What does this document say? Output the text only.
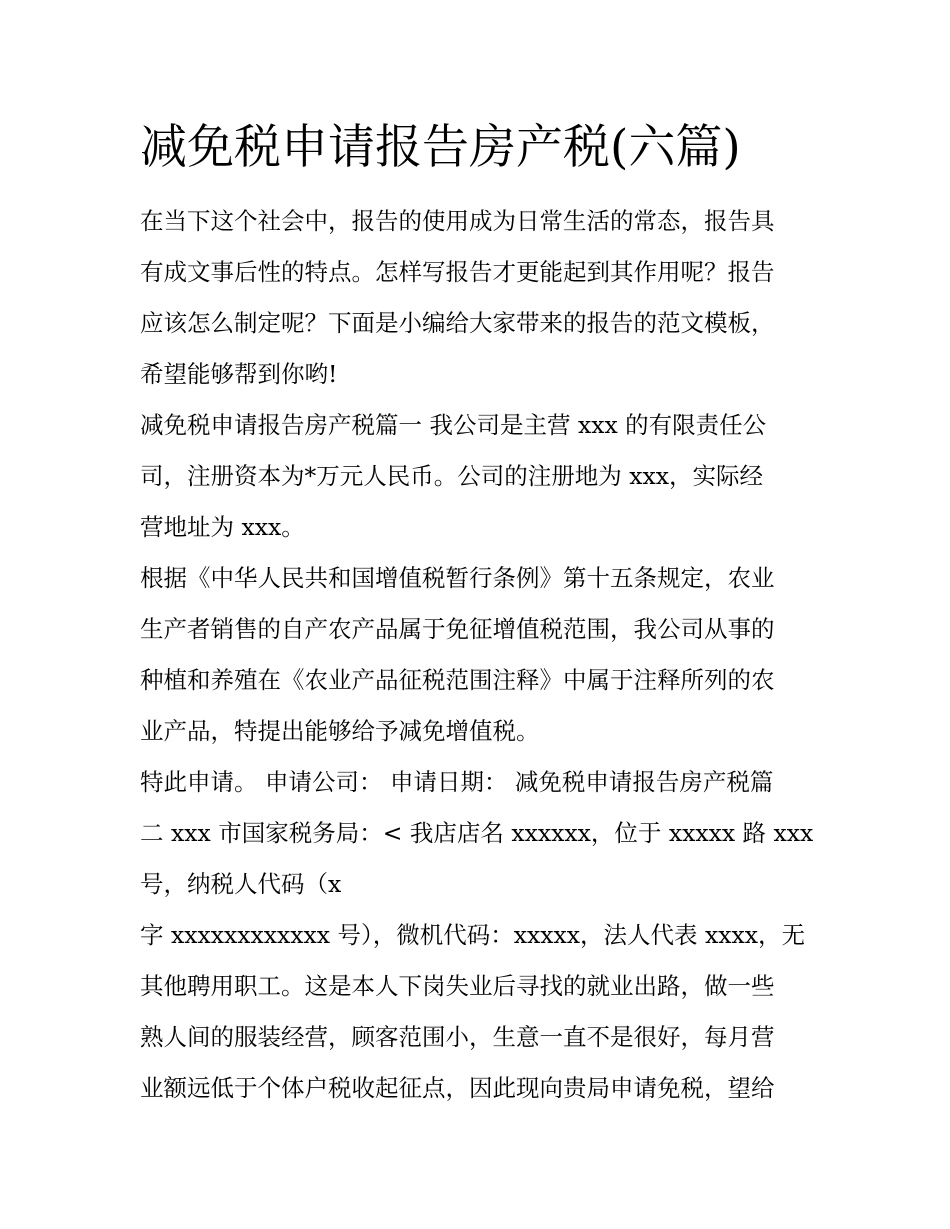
减免税申请报告房产税(六篇)
在当下这个社会中，报告的使用成为日常生活的常态，报告具
有成文事后性的特点。怎样写报告才更能起到其作用呢？报告
应该怎么制定呢？下面是小编给大家带来的报告的范文模板，
希望能够帮到你哟!
减免税申请报告房产税篇一 我公司是主营 xxx 的有限责任公
司，注册资本为*万元人民币。公司的注册地为 xxx，实际经
营地址为 xxx。
根据《中华人民共和国增值税暂行条例》第十五条规定，农业
生产者销售的自产农产品属于免征增值税范围，我公司从事的
种植和养殖在《农业产品征税范围注释》中属于注释所列的农
业产品，特提出能够给予减免增值税。
特此申请。 申请公司： 申请日期： 减免税申请报告房产税篇
二 xxx 市国家税务局：< 我店店名 xxxxxx，位于 xxxxx 路 xxx
号，纳税人代码（x
字 xxxxxxxxxxxx 号），微机代码：xxxxx，法人代表 xxxx，无
其他聘用职工。这是本人下岗失业后寻找的就业出路，做一些
熟人间的服装经营，顾客范围小，生意一直不是很好，每月营
业额远低于个体户税收起征点，因此现向贵局申请免税，望给
